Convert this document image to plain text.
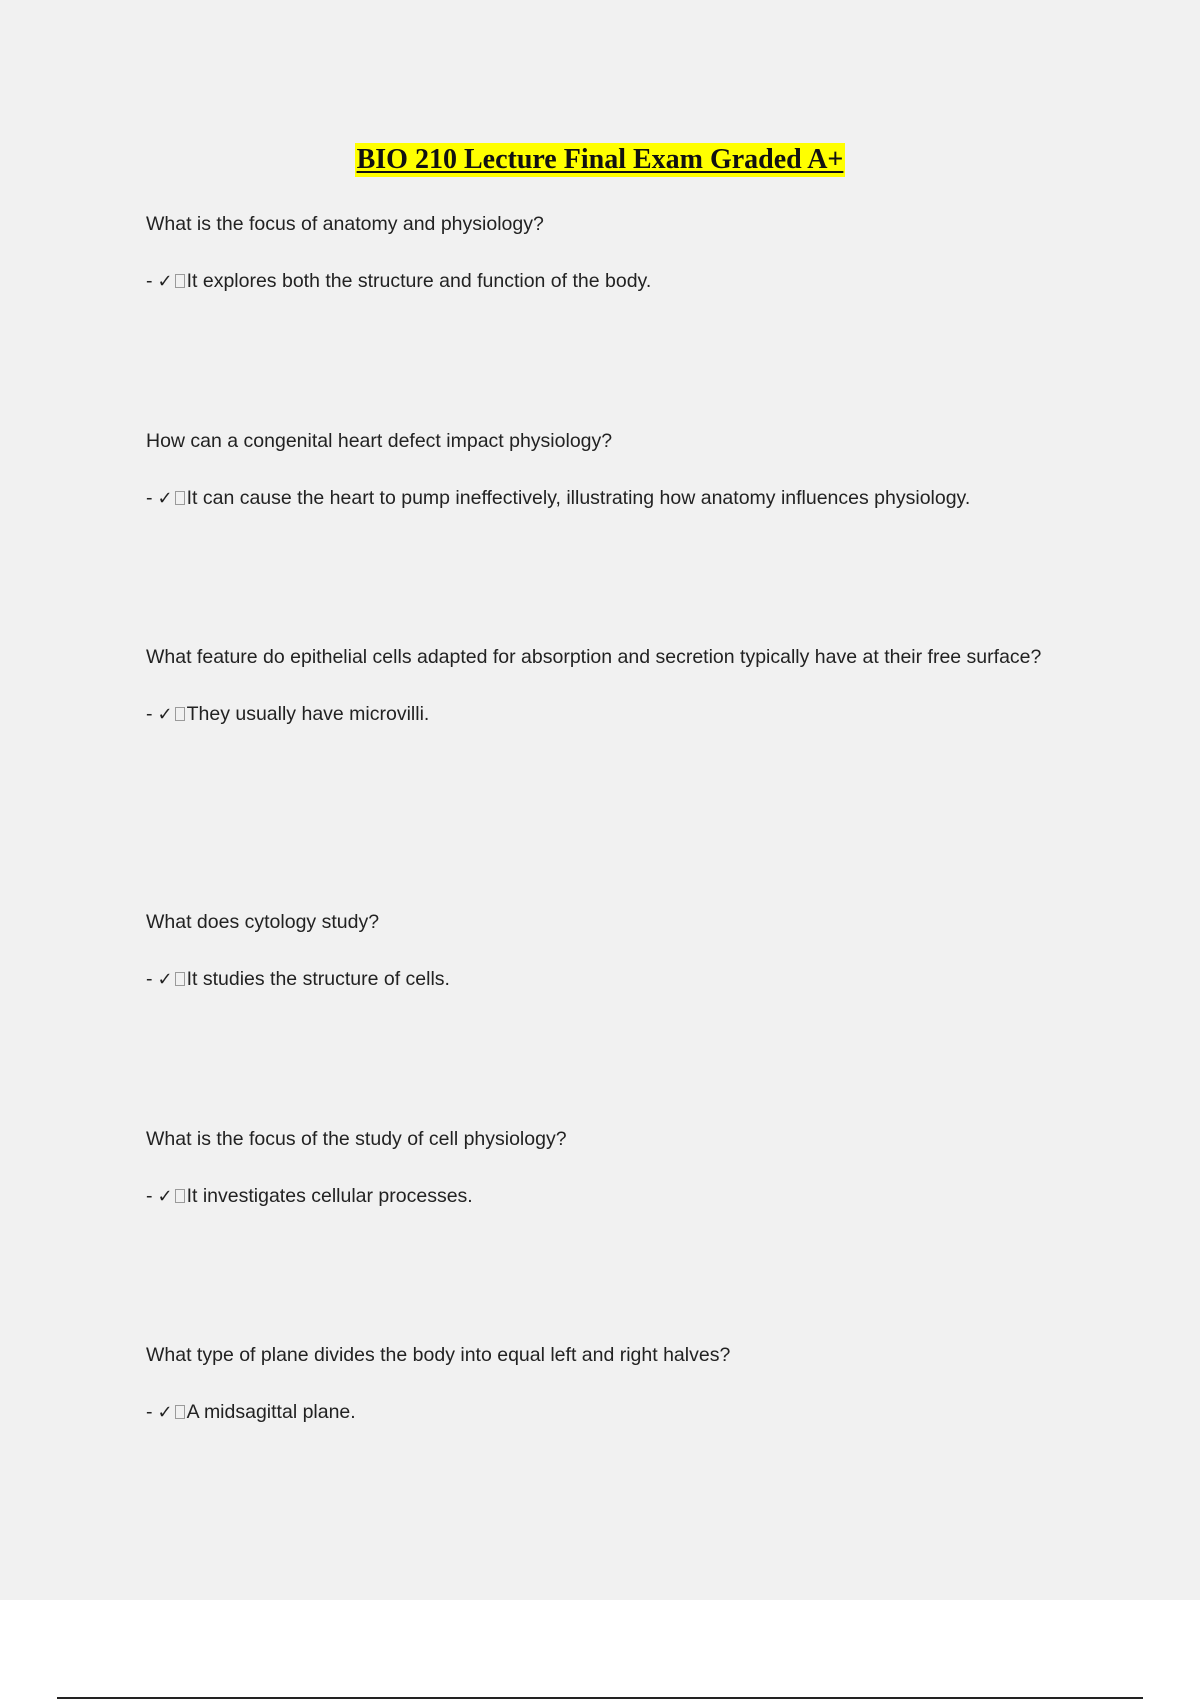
BIO 210 Lecture Final Exam Graded A+

What is the focus of anatomy and physiology?

- ✓ It explores both the structure and function of the body.

How can a congenital heart defect impact physiology?

- ✓ It can cause the heart to pump ineffectively, illustrating how anatomy influences physiology.

What feature do epithelial cells adapted for absorption and secretion typically have at their free surface?

- ✓ They usually have microvilli.

What does cytology study?

- ✓ It studies the structure of cells.

What is the focus of the study of cell physiology?

- ✓ It investigates cellular processes.

What type of plane divides the body into equal left and right halves?

- ✓ A midsagittal plane.
